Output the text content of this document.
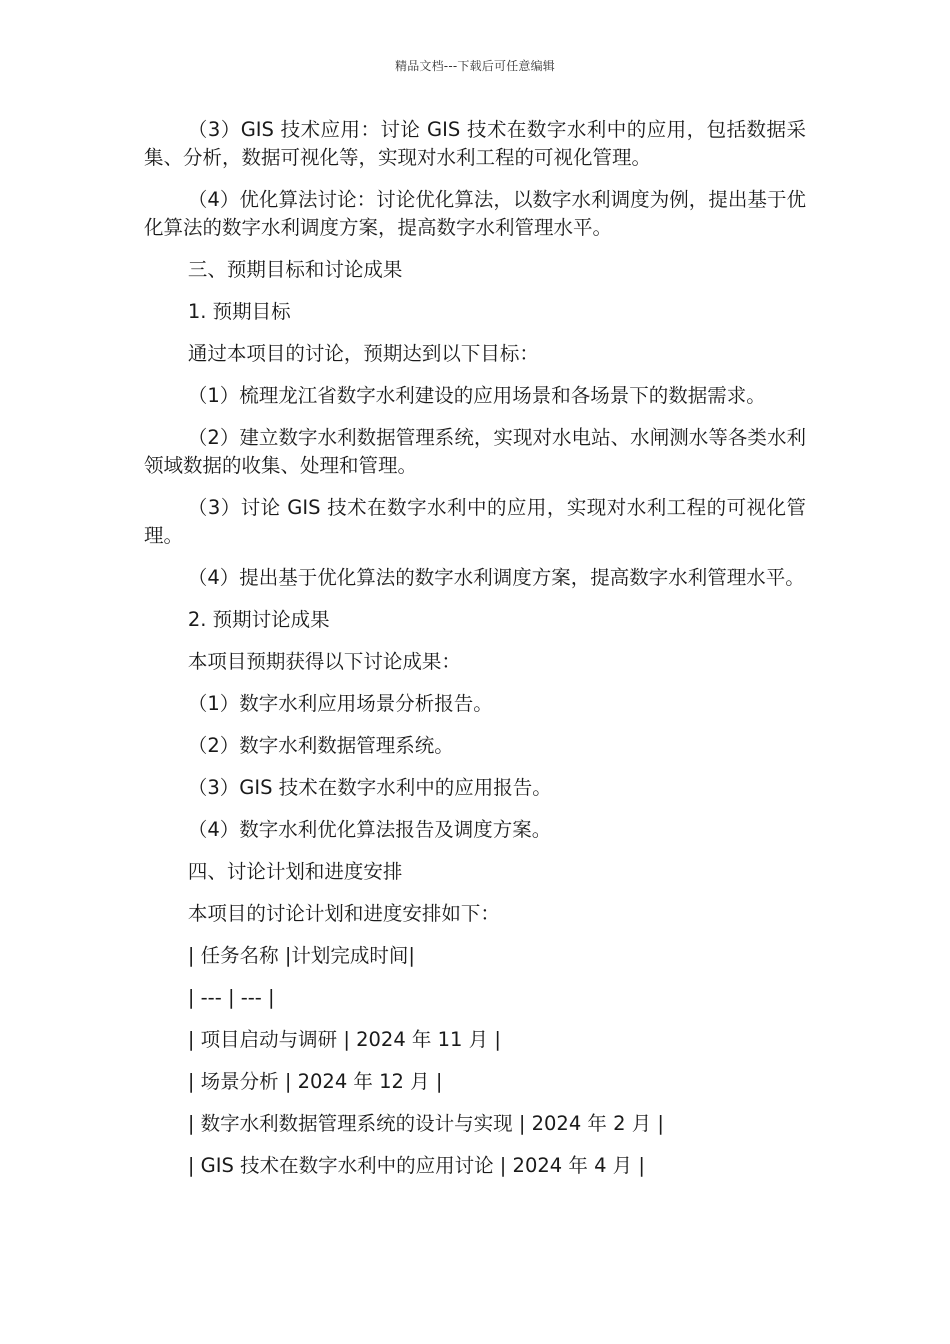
精品文档---下载后可任意编辑

（3）GIS 技术应用：讨论 GIS 技术在数字水利中的应用，包括数据采集、分析，数据可视化等，实现对水利工程的可视化管理。

（4）优化算法讨论：讨论优化算法，以数字水利调度为例，提出基于优化算法的数字水利调度方案，提高数字水利管理水平。

三、预期目标和讨论成果

1. 预期目标

通过本项目的讨论，预期达到以下目标：

（1）梳理龙江省数字水利建设的应用场景和各场景下的数据需求。

（2）建立数字水利数据管理系统，实现对水电站、水闸测水等各类水利领域数据的收集、处理和管理。

（3）讨论 GIS 技术在数字水利中的应用，实现对水利工程的可视化管理。

（4）提出基于优化算法的数字水利调度方案，提高数字水利管理水平。

2. 预期讨论成果

本项目预期获得以下讨论成果：

（1）数字水利应用场景分析报告。

（2）数字水利数据管理系统。

（3）GIS 技术在数字水利中的应用报告。

（4）数字水利优化算法报告及调度方案。

四、讨论计划和进度安排

本项目的讨论计划和进度安排如下：

| 任务名称 |计划完成时间|

| --- | --- |

| 项目启动与调研 | 2024 年 11 月 |

| 场景分析 | 2024 年 12 月 |

| 数字水利数据管理系统的设计与实现 | 2024 年 2 月 |

| GIS 技术在数字水利中的应用讨论 | 2024 年 4 月 |
